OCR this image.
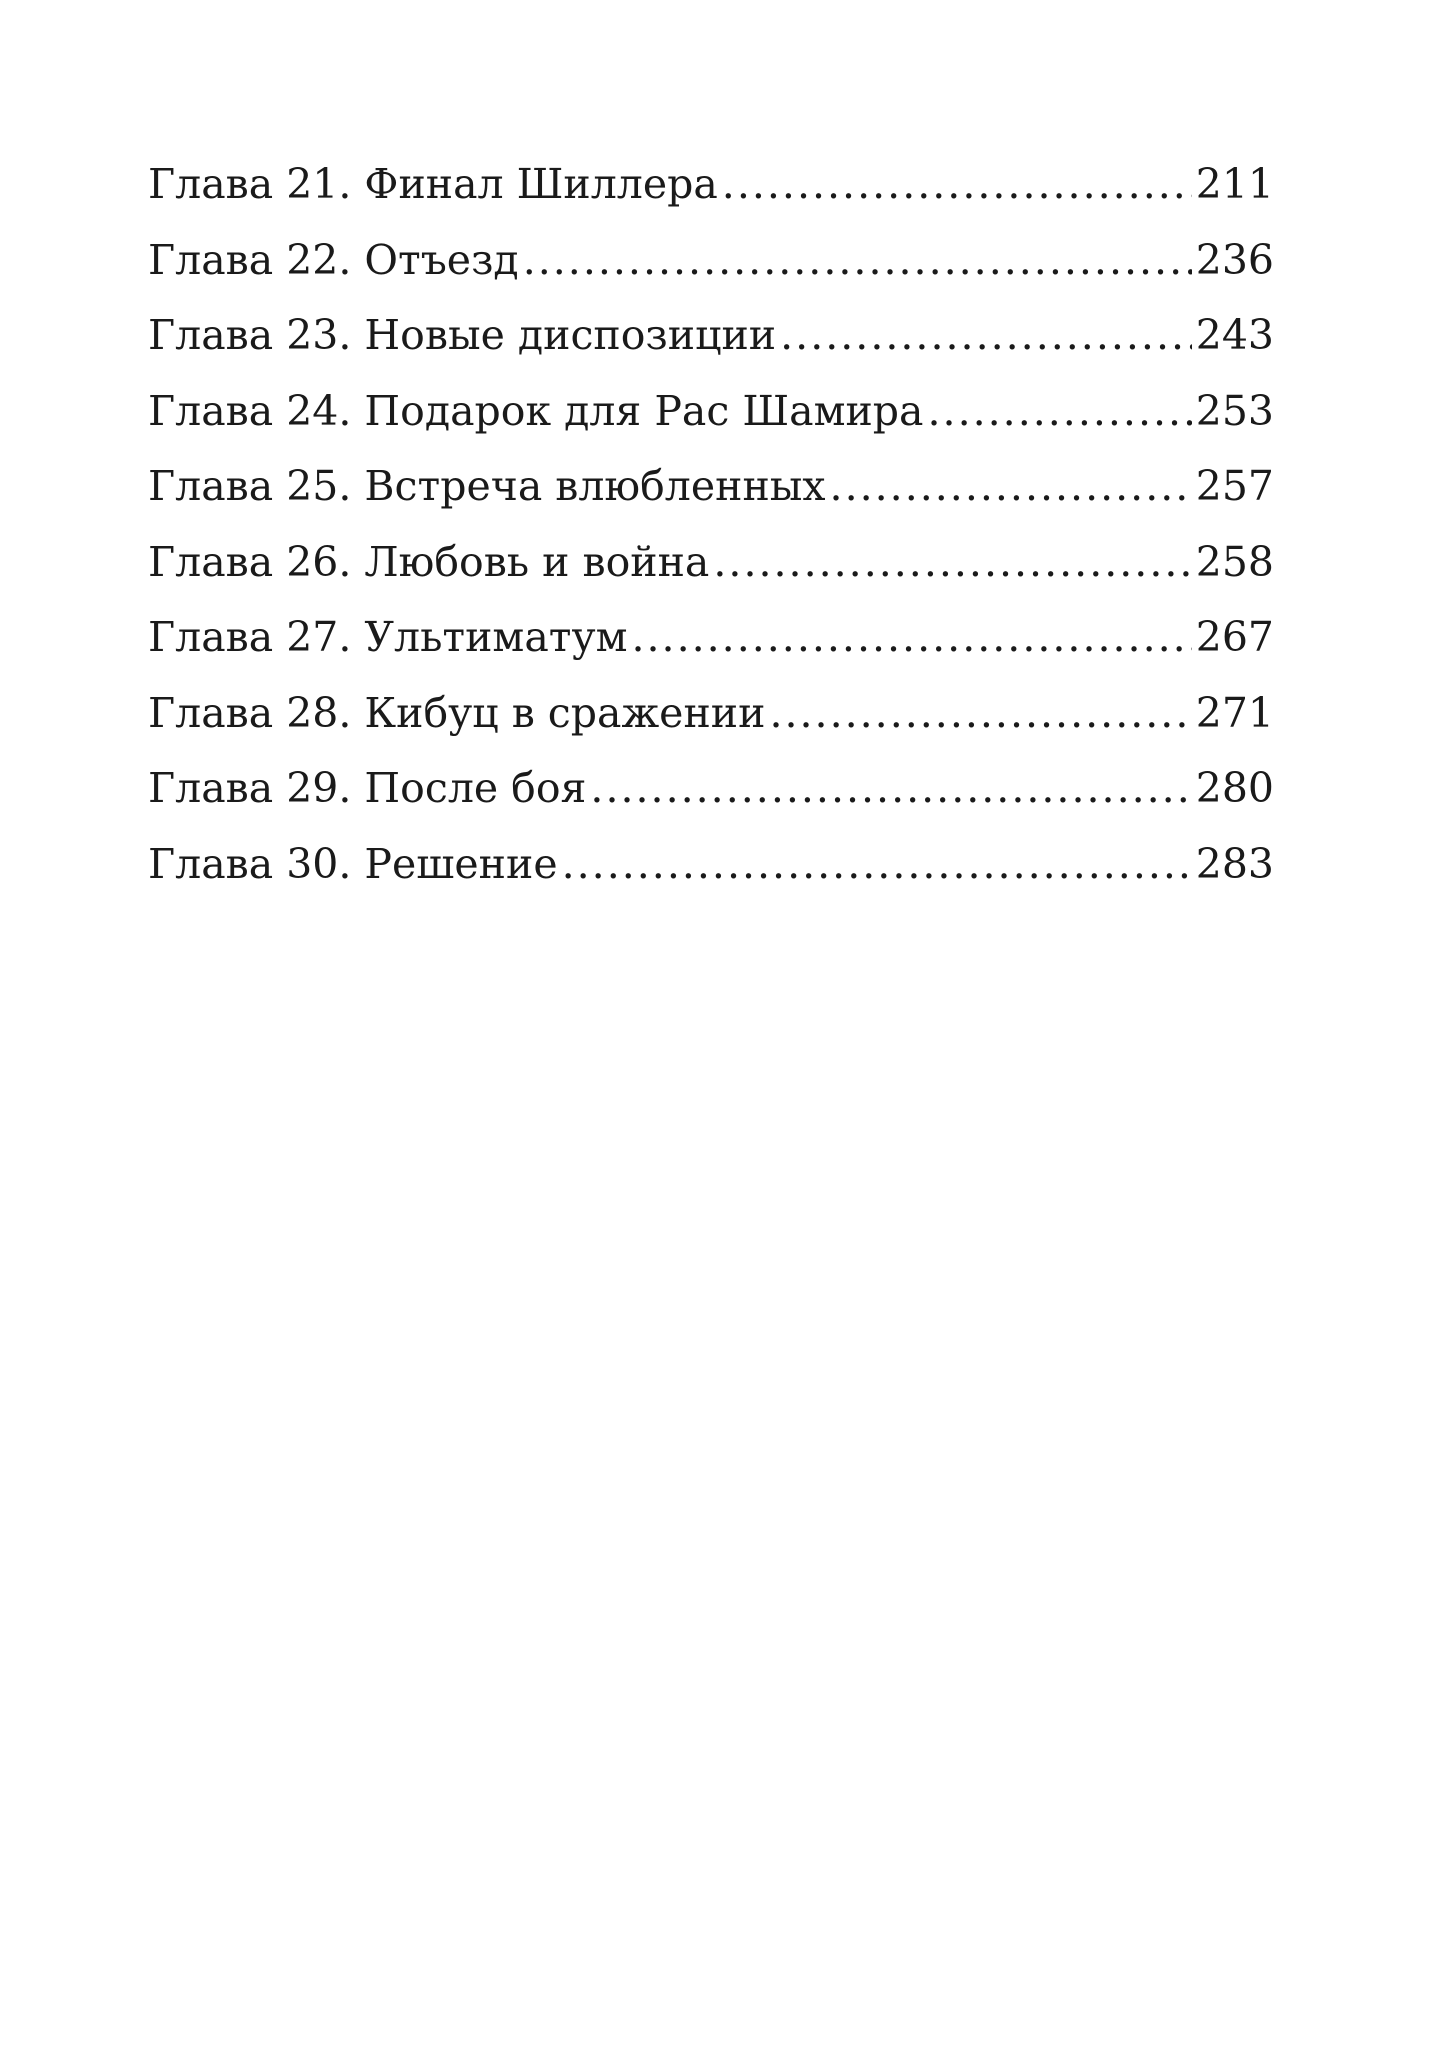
Глава 21. Финал Шиллера .....	211
Глава 22. Отъезд .....	236
Глава 23. Новые диспозиции .....	243
Глава 24. Подарок для Рас Шамира .....	253
Глава 25. Встреча влюбленных .....	257
Глава 26. Любовь и война .....	258
Глава 27. Ультиматум .....	267
Глава 28. Кибуц в сражении .....	271
Глава 29. После боя .....	280
Глава 30. Решение .....	283
